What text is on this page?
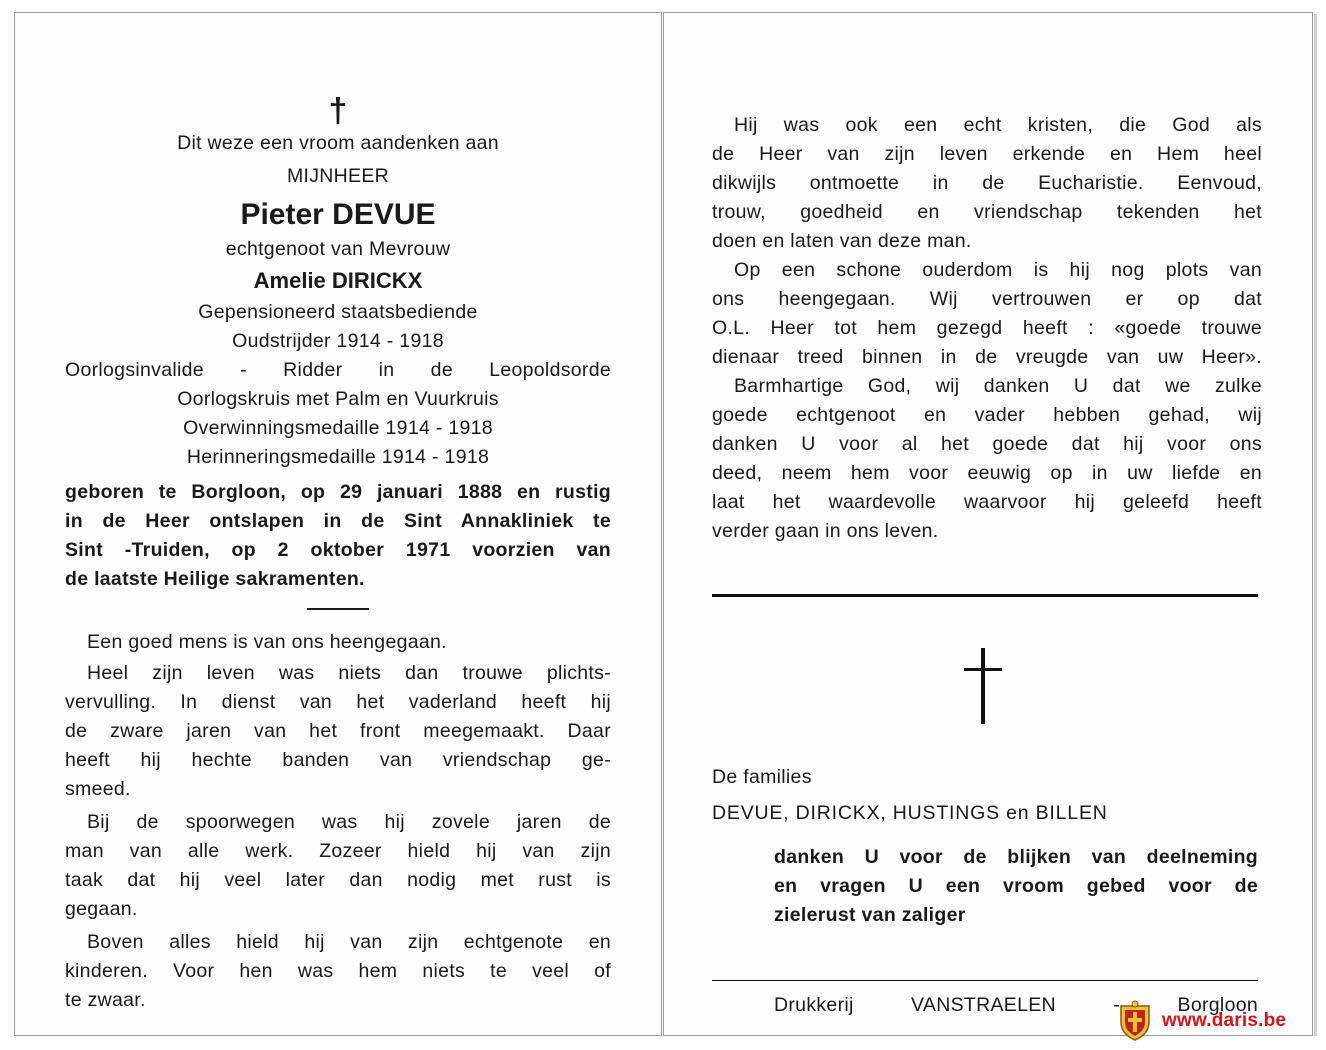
†
Dit weze een vroom aandenken aan
MIJNHEER
Pieter DEVUE
echtgenoot van Mevrouw
Amelie DIRICKX
Gepensioneerd staatsbediende
Oudstrijder 1914 - 1918
Oorlogsinvalide - Ridder in de Leopoldsorde
Oorlogskruis met Palm en Vuurkruis
Overwinningsmedaille 1914 - 1918
Herinneringsmedaille 1914 - 1918
geboren te Borgloon, op 29 januari 1888 en rustig
in de Heer ontslapen in de Sint Annakliniek te
Sint -Truiden, op 2 oktober 1971 voorzien van
de laatste Heilige sakramenten.
Een goed mens is van ons heengegaan.
Heel zijn leven was niets dan trouwe plichts-
vervulling. In dienst van het vaderland heeft hij
de zware jaren van het front meegemaakt. Daar
heeft hij hechte banden van vriendschap ge-
smeed.
Bij de spoorwegen was hij zovele jaren de
man van alle werk. Zozeer hield hij van zijn
taak dat hij veel later dan nodig met rust is
gegaan.
Boven alles hield hij van zijn echtgenote en
kinderen. Voor hen was hem niets te veel of
te zwaar.
Hij was ook een echt kristen, die God als
de Heer van zijn leven erkende en Hem heel
dikwijls ontmoette in de Eucharistie. Eenvoud,
trouw, goedheid en vriendschap tekenden het
doen en laten van deze man.
Op een schone ouderdom is hij nog plots van
ons heengegaan. Wij vertrouwen er op dat
O.L. Heer tot hem gezegd heeft : «goede trouwe
dienaar treed binnen in de vreugde van uw Heer».
Barmhartige God, wij danken U dat we zulke
goede echtgenoot en vader hebben gehad, wij
danken U voor al het goede dat hij voor ons
deed, neem hem voor eeuwig op in uw liefde en
laat het waardevolle waarvoor hij geleefd heeft
verder gaan in ons leven.
De families
DEVUE, DIRICKX, HUSTINGS en BILLEN
danken U voor de blijken van deelneming
en vragen U een vroom gebed voor de
zielerust van zaliger
Drukkerij	VANSTRAELEN	-	Borgloon
www.daris.be
